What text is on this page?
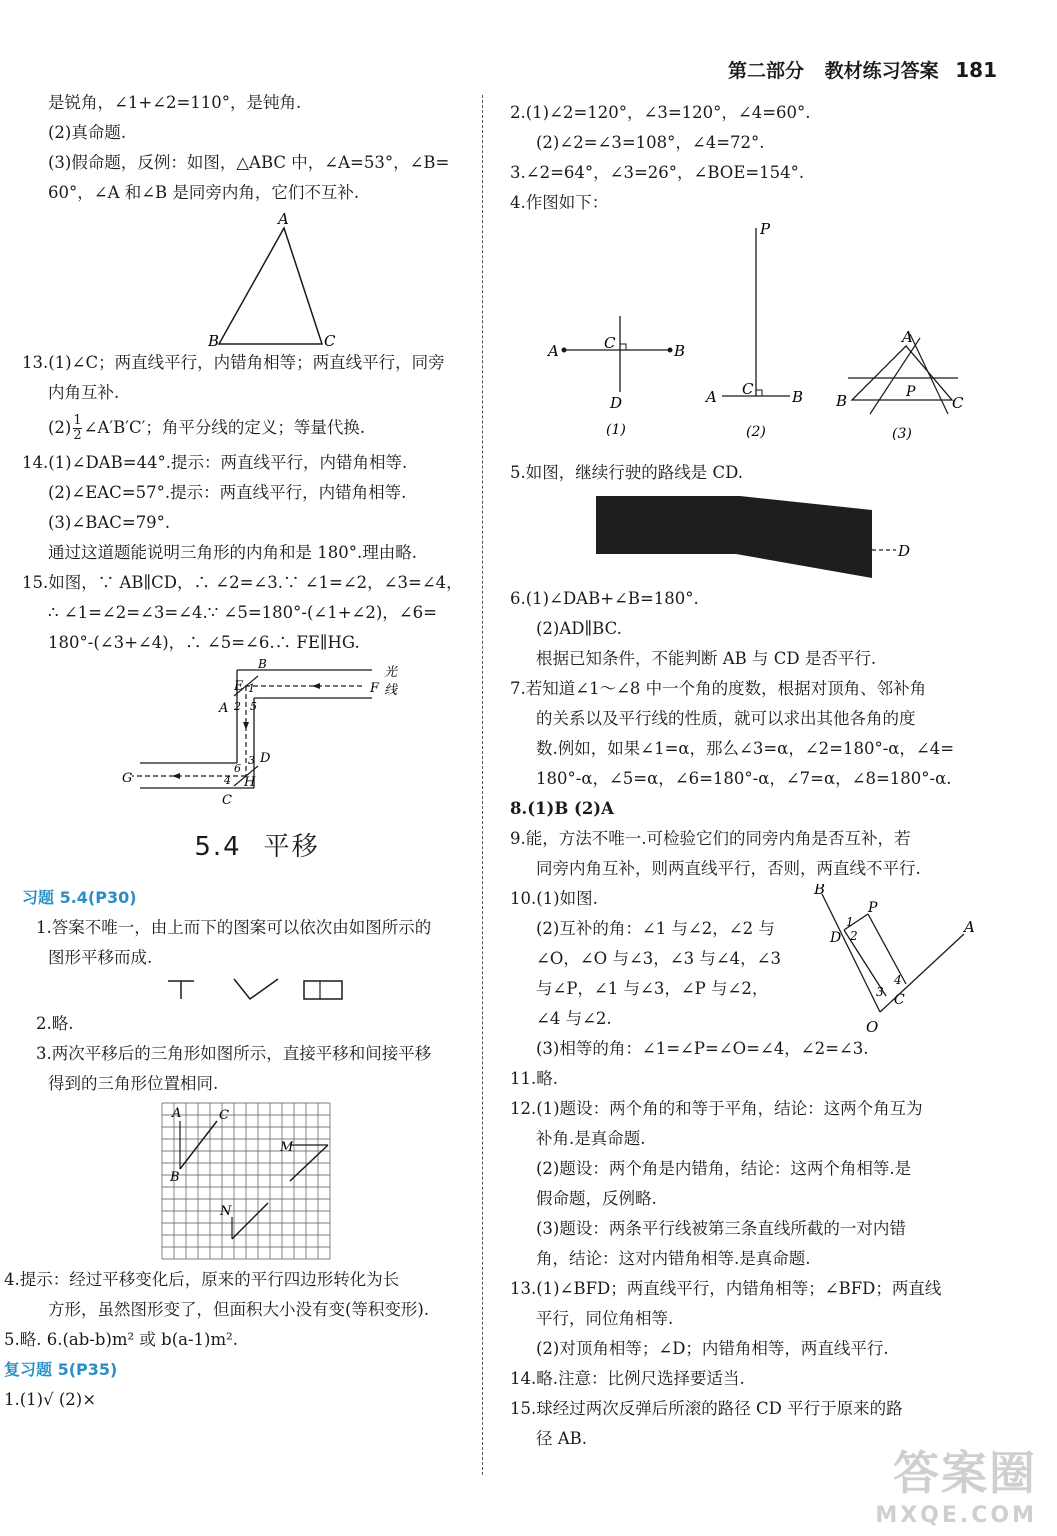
第二部分 教材练习答案 181
是锐角，∠1+∠2=110°，是钝角.
(2)真命题.
(3)假命题，反例：如图，△ABC 中，∠A=53°，∠B=
60°，∠A 和∠B 是同旁内角，它们不互补.
A
B	C
13.(1)∠C；两直线平行，内错角相等；两直线平行，同旁
内角互补.
$(2) \frac{1}{2}$ ∠A′B′C′；角平分线的定义；等量代换.
14.(1)∠DAB=44°.提示：两直线平行，内错角相等.
(2)∠EAC=57°.提示：两直线平行，内错角相等.
(3)∠BAC=79°.
通过这道题能说明三角形的内角和是 180°.理由略.
15.如图，∵ AB∥CD，∴ ∠2=∠3.∵ ∠1=∠2，∠3=∠4，
∴ ∠1=∠2=∠3=∠4.∵ ∠5=180°-(∠1+∠2)，∠6=
180°-(∠3+∠4)，∴ ∠5=∠6.∴ FE∥HG.
B
E
A
F
光
线
D
G	H
C
1
2 5
6
3
4
5.4 平移
习题 5.4(P30)
1.答案不唯一，由上而下的图案可以依次由如图所示的
图形平移而成.
2.略.
3.两次平移后的三角形如图所示，直接平移和间接平移
得到的三角形位置相同.
A	C
B
M
N
4.提示：经过平移变化后，原来的平行四边形转化为长
方形，虽然图形变了，但面积大小没有变(等积变形).
5.略. 6.(ab-b)m² 或 b(a-1)m².
复习题 5(P35)
1.(1)√ (2)×
2.(1)∠2=120°，∠3=120°，∠4=60°.
(2)∠2=∠3=108°，∠4=72°.
3.∠2=64°，∠3=26°，∠BOE=154°.
4.作图如下：
A	C	B
D
(1)
P
A C	B
(2)
A
B	C
P
(3)
5.如图，继续行驶的路线是 CD.
D
6.(1)∠DAB+∠B=180°.
(2)AD∥BC.
根据已知条件，不能判断 AB 与 CD 是否平行.
7.若知道∠1～∠8 中一个角的度数，根据对顶角、邻补角
的关系以及平行线的性质，就可以求出其他各角的度
数.例如，如果∠1=α，那么∠3=α，∠2=180°-α，∠4=
180°-α，∠5=α，∠6=180°-α，∠7=α，∠8=180°-α.
8.(1)B (2)A
9.能，方法不唯一.可检验它们的同旁内角是否互补，若
同旁内角互补，则两直线平行，否则，两直线不平行.
10.(1)如图.
(2)互补的角：∠1 与∠2，∠2 与
∠O，∠O 与∠3，∠3 与∠4，∠3
与∠P，∠1 与∠3，∠P 与∠2，
∠4 与∠2.
(3)相等的角：∠1=∠P=∠O=∠4，∠2=∠3.
B
P
D
A
C
O
1
2
3
4
11.略.
12.(1)题设：两个角的和等于平角，结论：这两个角互为
补角.是真命题.
(2)题设：两个角是内错角，结论：这两个角相等.是
假命题，反例略.
(3)题设：两条平行线被第三条直线所截的一对内错
角，结论：这对内错角相等.是真命题.
13.(1)∠BFD；两直线平行，内错角相等；∠BFD；两直线
平行，同位角相等.
(2)对顶角相等；∠D；内错角相等，两直线平行.
14.略.注意：比例尺选择要适当.
15.球经过两次反弹后所滚的路径 CD 平行于原来的路
径 AB.
答案圈
MXQE.COM
